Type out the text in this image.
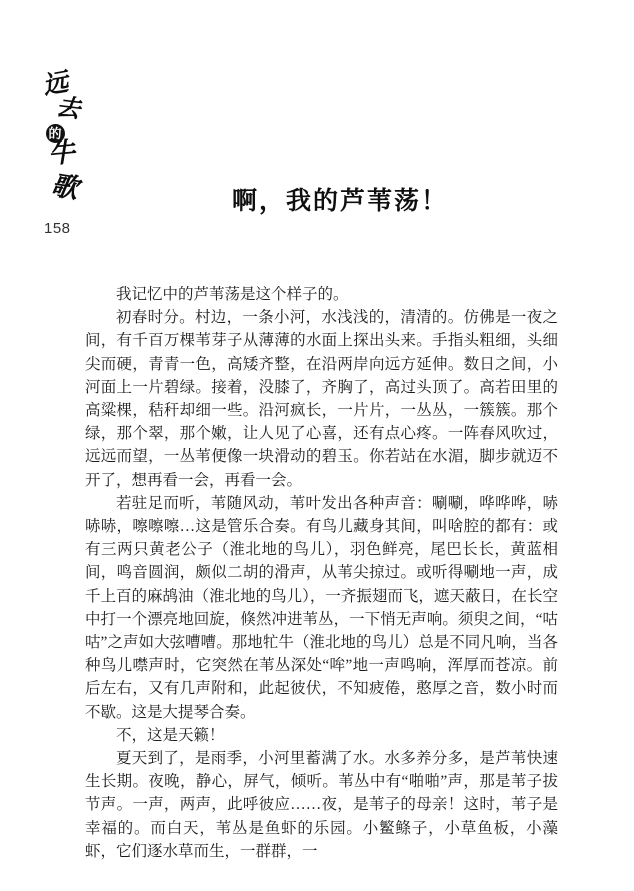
远
去
的
牛
歌
158
啊，我的芦苇荡！

我记忆中的芦苇荡是这个样子的。

初春时分。村边，一条小河，水浅浅的，清清的。仿佛是一夜之间，有千百万棵苇芽子从薄薄的水面上探出头来。手指头粗细，头细尖而硬，青青一色，高矮齐整，在沿两岸向远方延伸。数日之间，小河面上一片碧绿。接着，没膝了，齐胸了，高过头顶了。高若田里的高粱棵，秸秆却细一些。沿河疯长，一片片，一丛丛，一簇簇。那个绿，那个翠，那个嫩，让人见了心喜，还有点心疼。一阵春风吹过，远远而望，一丛苇便像一块滑动的碧玉。你若站在水湄，脚步就迈不开了，想再看一会，再看一会。

若驻足而听，苇随风动，苇叶发出各种声音：唰唰，哗哗哗，哧哧哧，嚓嚓嚓…这是管乐合奏。有鸟儿藏身其间，叫啥腔的都有：或有三两只黄老公子（淮北地的鸟儿），羽色鲜亮，尾巴长长，黄蓝相间，鸣音圆润，颇似二胡的滑声，从苇尖掠过。或听得唰地一声，成千上百的麻鸪油（淮北地的鸟儿），一齐振翅而飞，遮天蔽日，在长空中打一个漂亮地回旋，倏然冲进苇丛，一下悄无声响。须臾之间，“咕咕”之声如大弦嘈嘈。那地牤牛（淮北地的鸟儿）总是不同凡响，当各种鸟儿噤声时，它突然在苇丛深处“哞”地一声鸣响，浑厚而苍凉。前后左右，又有几声附和，此起彼伏，不知疲倦，憨厚之音，数小时而不歇。这是大提琴合奏。

不，这是天籁！

夏天到了，是雨季，小河里蓄满了水。水多养分多，是芦苇快速生长期。夜晚，静心，屏气，倾听。苇丛中有“啪啪”声，那是苇子拔节声。一声，两声，此呼彼应……夜，是苇子的母亲！这时，苇子是幸福的。而白天，苇丛是鱼虾的乐园。小鳘鲦子，小草鱼板，小藻虾，它们逐水草而生，一群群，一
